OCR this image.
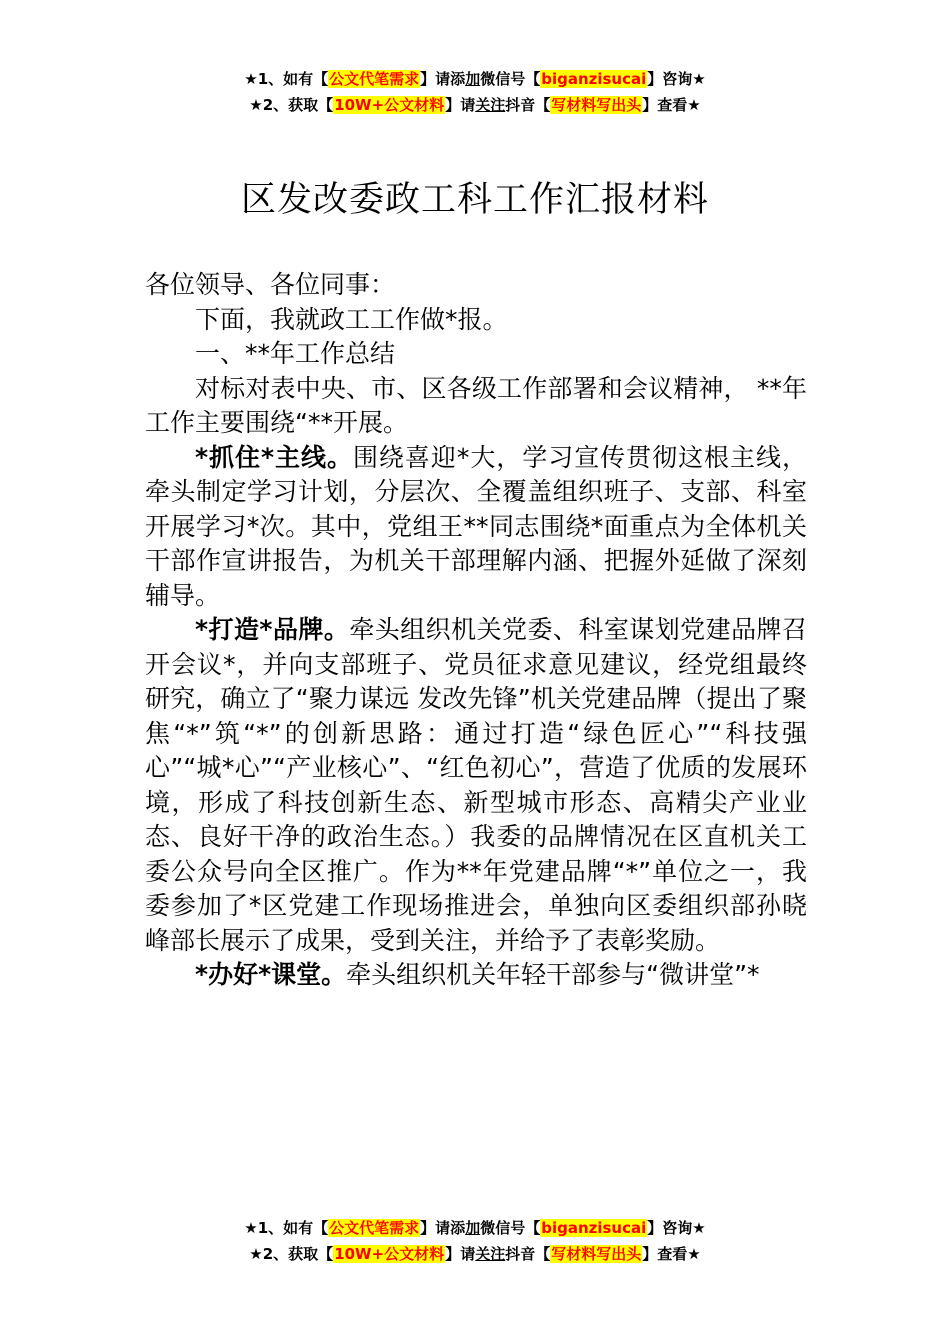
★1、如有【公文代笔需求】请添加微信号【biganzisucai】咨询★
★2、获取【10W+公文材料】请关注抖音【写材料写出头】查看★
区发改委政工科工作汇报材料

各位领导、各位同事：

下面，我就政工工作做*报。

一、**年工作总结

对标对表中央、市、区各级工作部署和会议精神， **年工作主要围绕“**开展。

*抓住*主线。围绕喜迎*大，学习宣传贯彻这根主线，牵头制定学习计划，分层次、全覆盖组织班子、支部、科室开展学习*次。其中，党组王**同志围绕*面重点为全体机关干部作宣讲报告，为机关干部理解内涵、把握外延做了深刻辅导。

*打造*品牌。牵头组织机关党委、科室谋划党建品牌召开会议*，并向支部班子、党员征求意见建议，经党组最终研究，确立了“聚力谋远 发改先锋”机关党建品牌（提出了聚焦“*”筑“*”的创新思路：通过打造“绿色匠心”“科技强心”“城*心”“产业核心”、“红色初心”，营造了优质的发展环境，形成了科技创新生态、新型城市形态、高精尖产业业态、良好干净的政治生态。）我委的品牌情况在区直机关工委公众号向全区推广。作为**年党建品牌“*”单位之一，我委参加了*区党建工作现场推进会，单独向区委组织部孙晓峰部长展示了成果，受到关注，并给予了表彰奖励。

*办好*课堂。牵头组织机关年轻干部参与“微讲堂”*

★1、如有【公文代笔需求】请添加微信号【biganzisucai】咨询★
★2、获取【10W+公文材料】请关注抖音【写材料写出头】查看★
